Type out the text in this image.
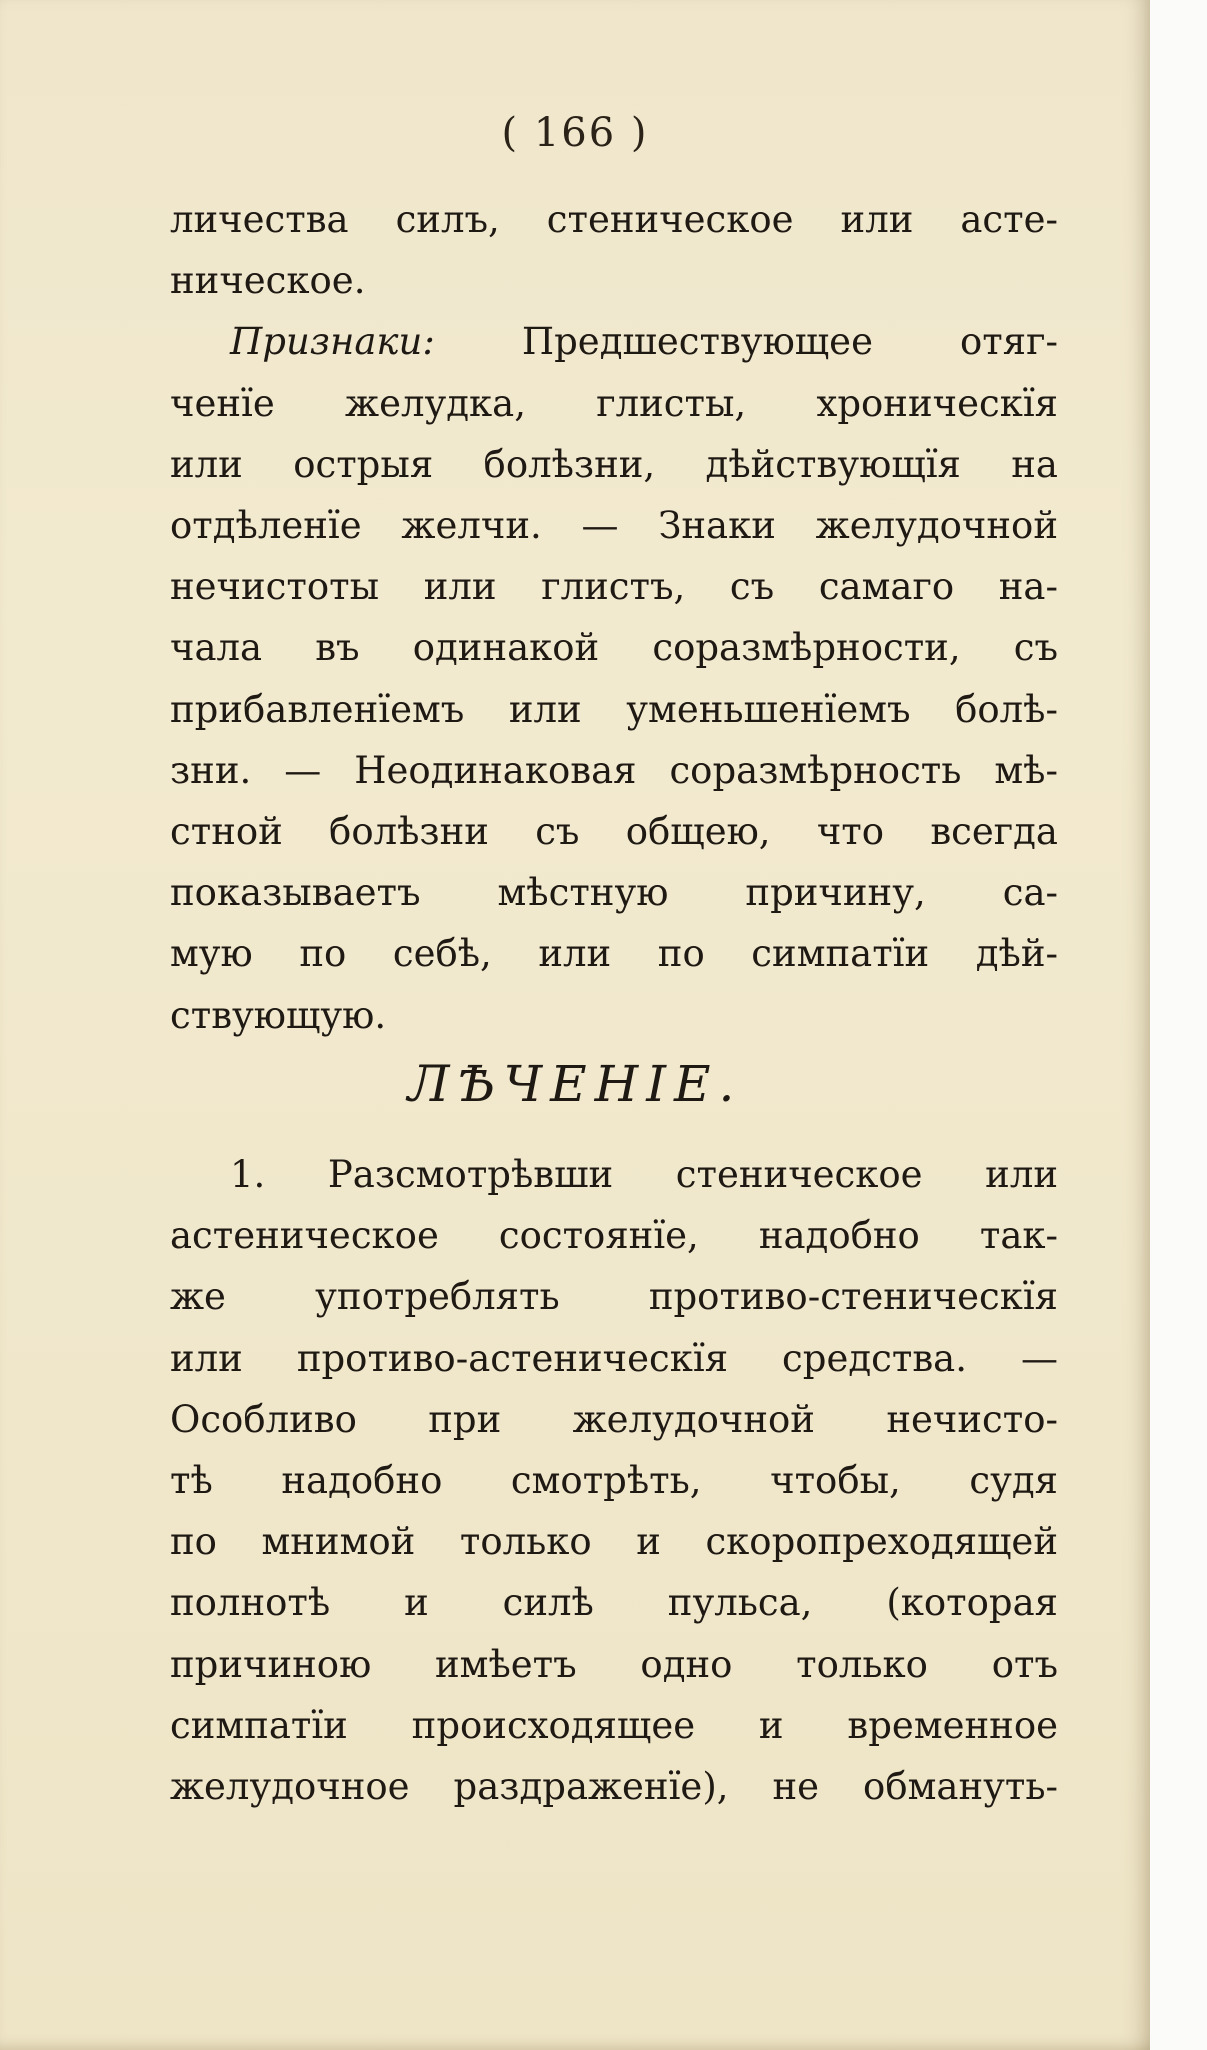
( 166 )
личества силъ, стеническое или асте-
ническое.
Признаки: Предшествующее отяг-
ченїе желудка, глисты, хроническїя
или острыя болѣзни, дѣйствующїя на
отдѣленїе желчи. — Знаки желудочной
нечистоты или глистъ, съ самаго на-
чала въ одинакой соразмѣрности, съ
прибавленїемъ или уменьшенїемъ болѣ-
зни. — Неодинаковая соразмѣрность мѣ-
стной болѣзни съ общею, что всегда
показываетъ мѣстную причину, са-
мую по себѣ, или по симпатїи дѣй-
ствующую.
ЛѢЧЕНIЕ.
1. Разсмотрѣвши стеническое или
астеническое состоянїе, надобно так-
же употреблять противо-стеническїя
или противо-астеническїя средства. —
Особливо при желудочной нечисто-
тѣ надобно смотрѣть, чтобы, судя
по мнимой только и скоропреходящей
полнотѣ и силѣ пульса, (которая
причиною имѣетъ одно только отъ
симпатїи происходящее и временное
желудочное раздраженїе), не обмануть-
